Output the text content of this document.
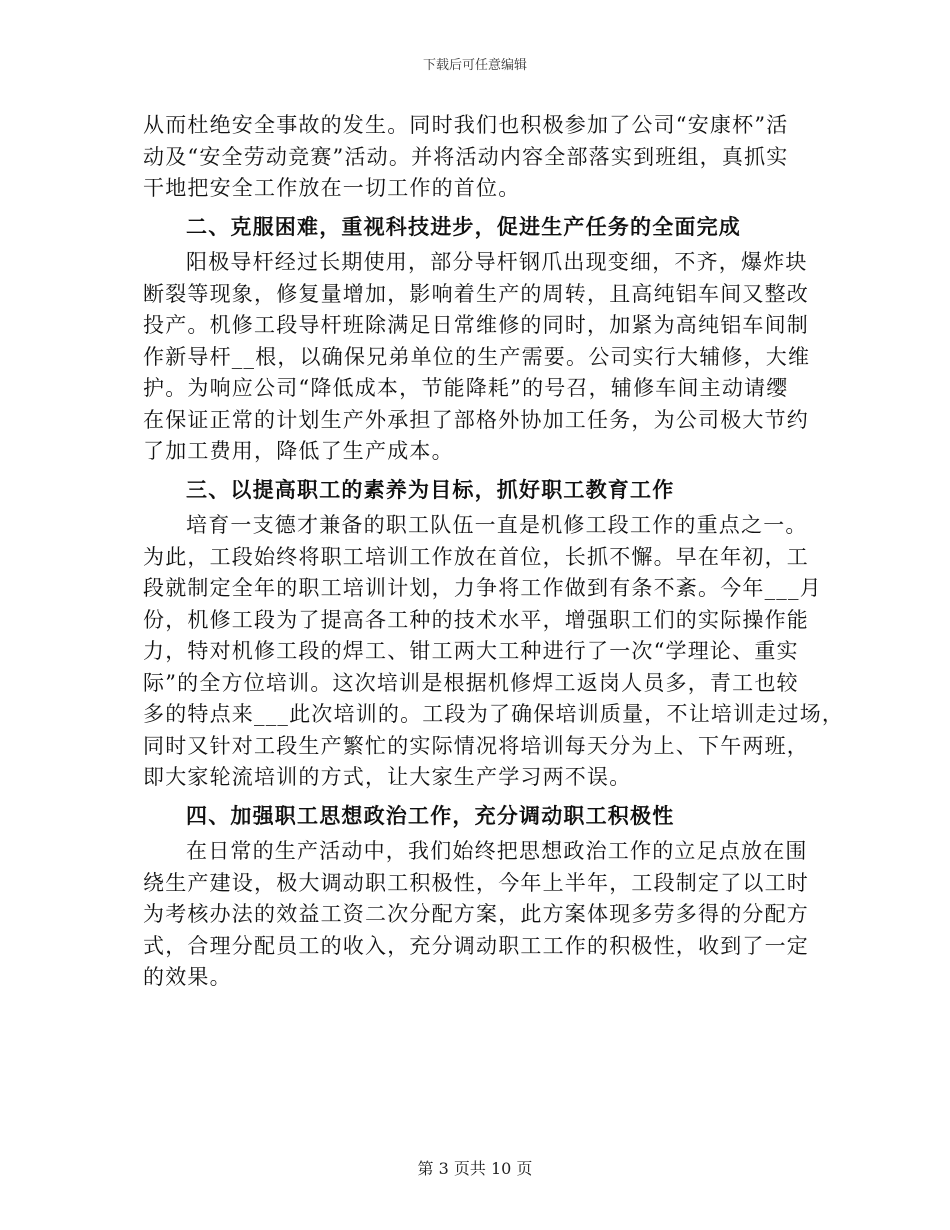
下载后可任意编辑
从而杜绝安全事故的发生。同时我们也积极参加了公司“安康杯”活
动及“安全劳动竞赛”活动。并将活动内容全部落实到班组，真抓实
干地把安全工作放在一切工作的首位。
二、克服困难，重视科技进步，促进生产任务的全面完成
阳极导杆经过长期使用，部分导杆钢爪出现变细，不齐，爆炸块
断裂等现象，修复量增加，影响着生产的周转，且高纯铝车间又整改
投产。机修工段导杆班除满足日常维修的同时，加紧为高纯铝车间制
作新导杆__根，以确保兄弟单位的生产需要。公司实行大辅修，大维
护。为响应公司“降低成本，节能降耗”的号召，辅修车间主动请缨
在保证正常的计划生产外承担了部格外协加工任务，为公司极大节约
了加工费用，降低了生产成本。
三、以提高职工的素养为目标，抓好职工教育工作
培育一支德才兼备的职工队伍一直是机修工段工作的重点之一。
为此，工段始终将职工培训工作放在首位，长抓不懈。早在年初，工
段就制定全年的职工培训计划，力争将工作做到有条不紊。今年___月
份，机修工段为了提高各工种的技术水平，增强职工们的实际操作能
力，特对机修工段的焊工、钳工两大工种进行了一次“学理论、重实
际”的全方位培训。这次培训是根据机修焊工返岗人员多，青工也较
多的特点来___此次培训的。工段为了确保培训质量，不让培训走过场，
同时又针对工段生产繁忙的实际情况将培训每天分为上、下午两班，
即大家轮流培训的方式，让大家生产学习两不误。
四、加强职工思想政治工作，充分调动职工积极性
在日常的生产活动中，我们始终把思想政治工作的立足点放在围
绕生产建设，极大调动职工积极性，今年上半年，工段制定了以工时
为考核办法的效益工资二次分配方案，此方案体现多劳多得的分配方
式，合理分配员工的收入，充分调动职工工作的积极性，收到了一定
的效果。
第 3 页共 10 页
